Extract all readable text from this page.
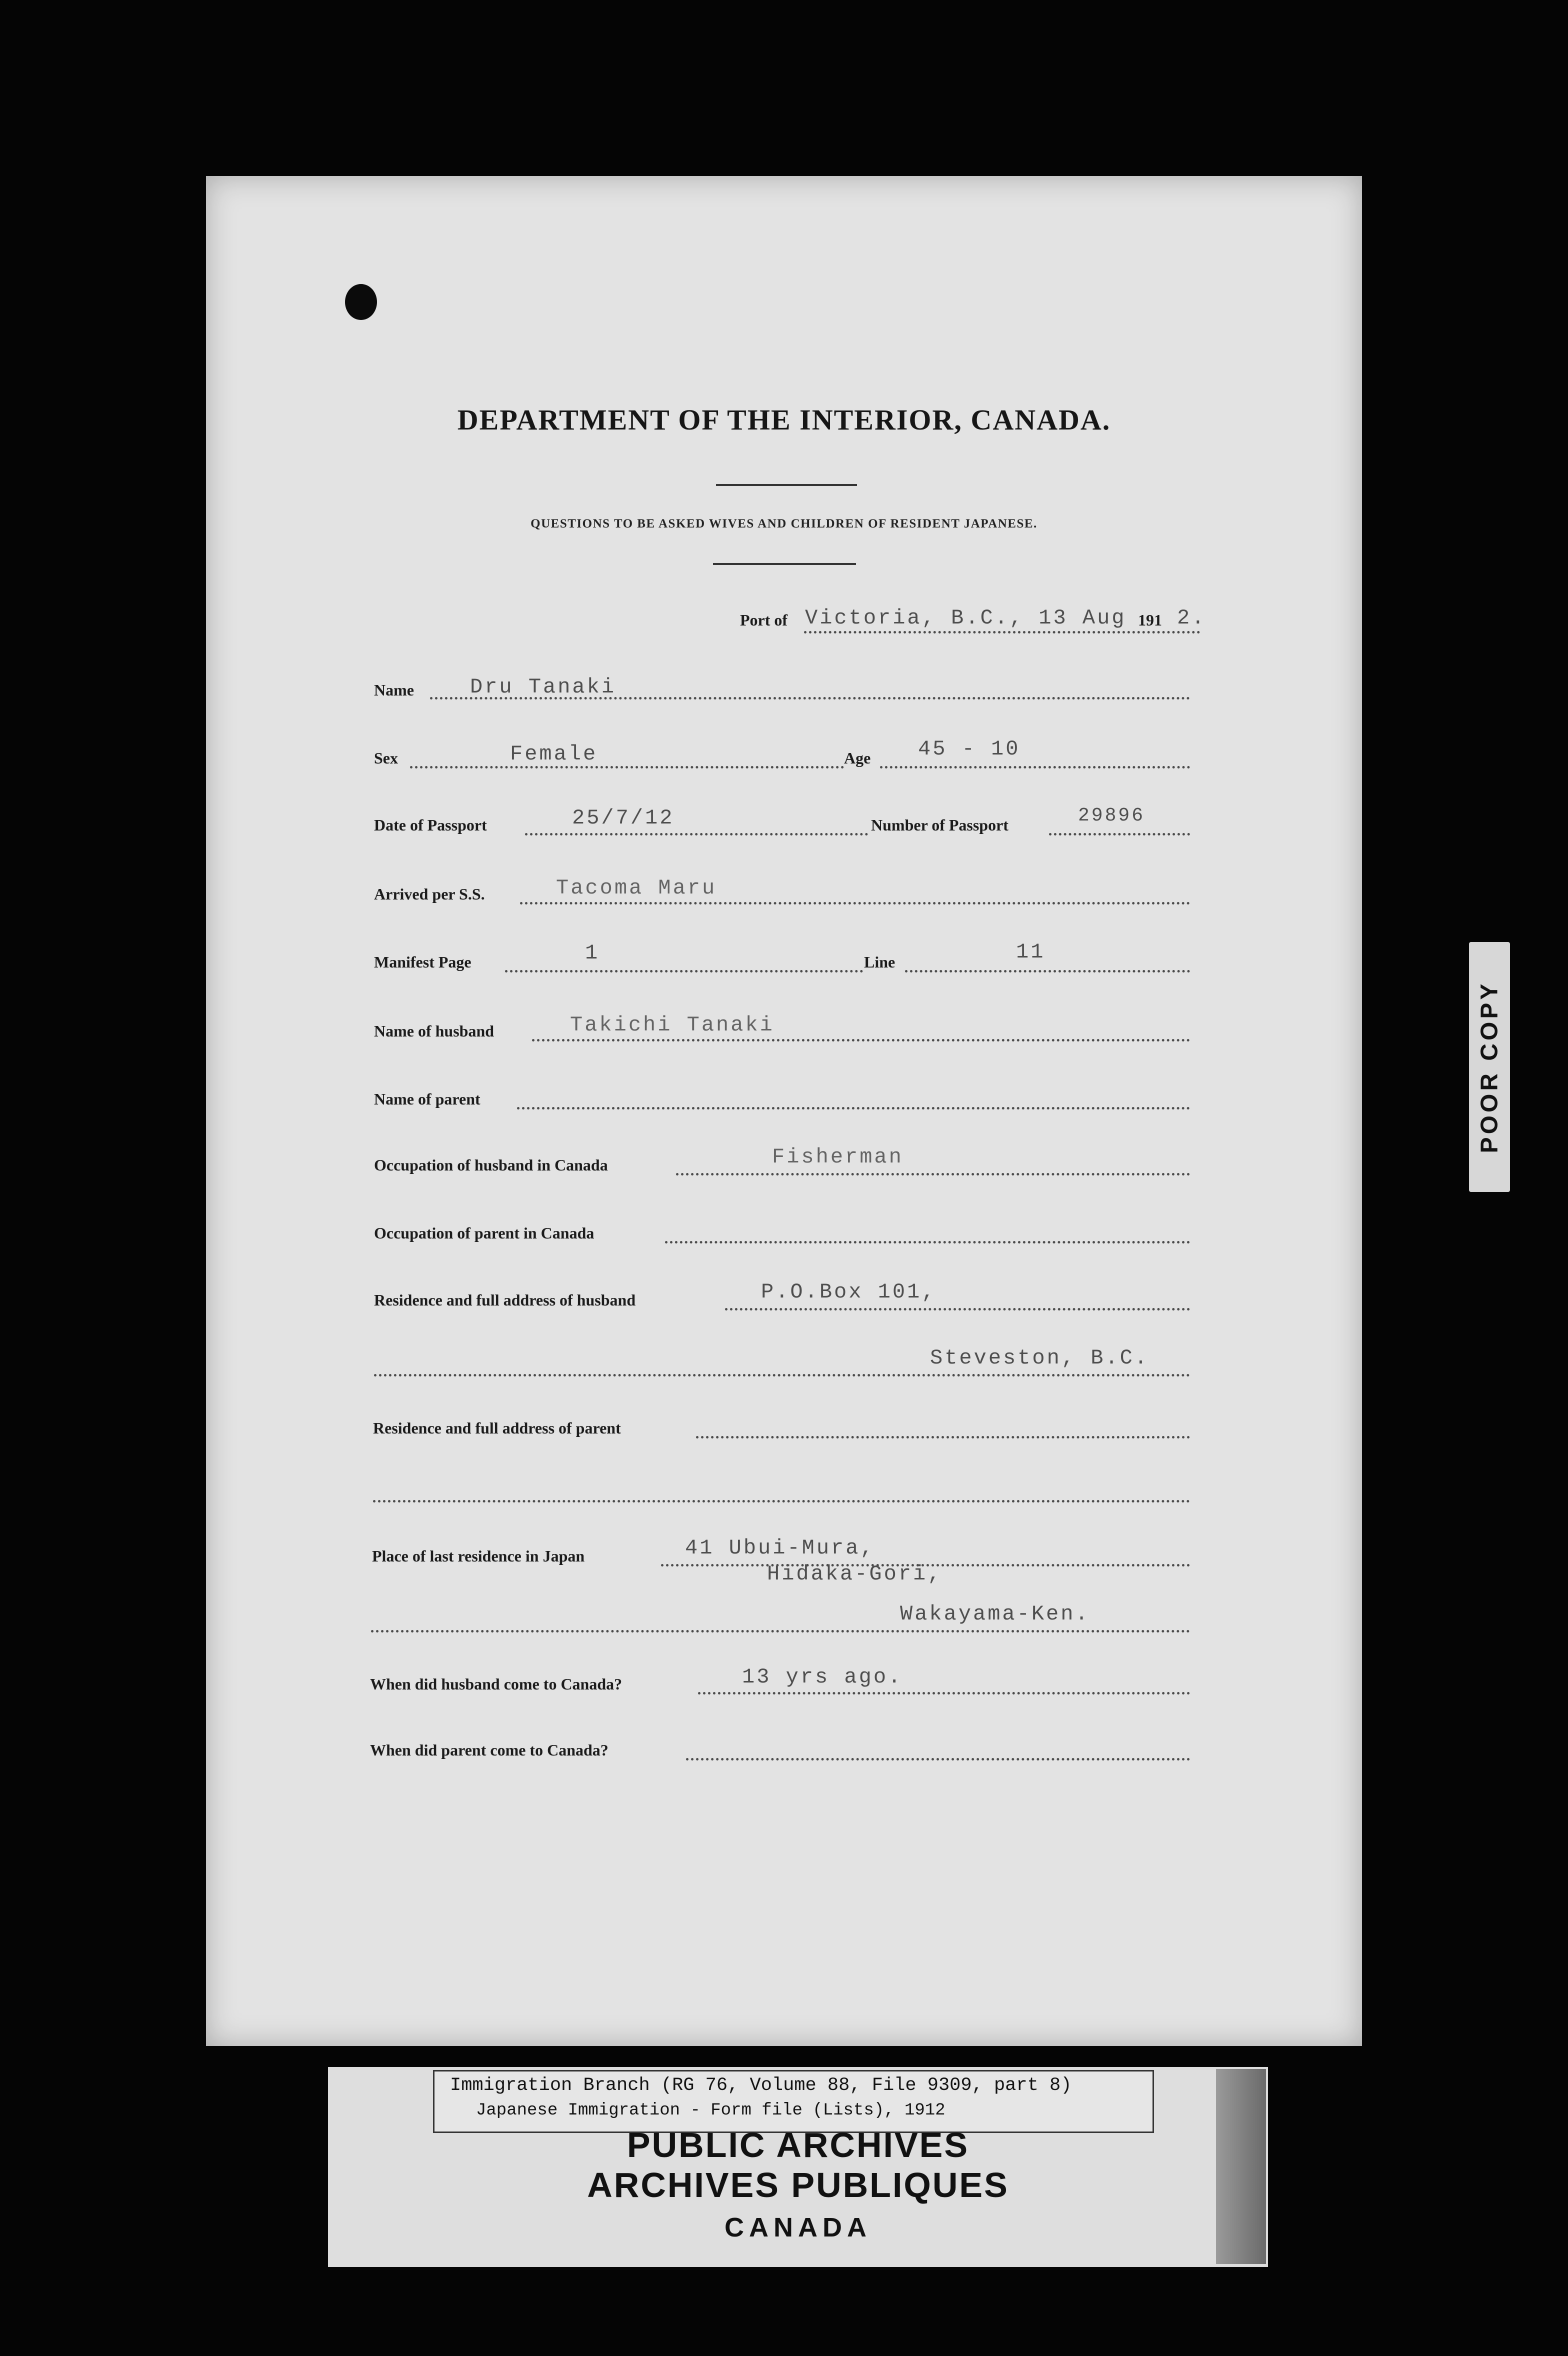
DEPARTMENT OF THE INTERIOR, CANADA.
QUESTIONS TO BE ASKED WIVES AND CHILDREN OF RESIDENT JAPANESE.
Port of Victoria, B.C., 13 Aug 191 2.
Name	Dru Tanaki
Sex	Female	Age 45 - 10
Date of Passport	25/7/12	Number of Passport	29896
Arrived per S.S.	Tacoma Maru
Manifest Page	1	Line	11
Name of husband	Takichi Tanaki
Name of parent
Occupation of husband in Canada	Fisherman
Occupation of parent in Canada
Residence and full address of husband	P.O.Box 101,
Steveston, B.C.
Residence and full address of parent
Place of last residence in Japan	41 Ubui-Mura,
Hidaka-Gori,
Wakayama-Ken.
When did husband come to Canada?	13 yrs ago.
When did parent come to Canada?
POOR COPY
Immigration Branch (RG 76, Volume 88, File 9309, part 8)
Japanese Immigration - Form file (Lists), 1912
PUBLIC ARCHIVES
ARCHIVES PUBLIQUES
CANADA
